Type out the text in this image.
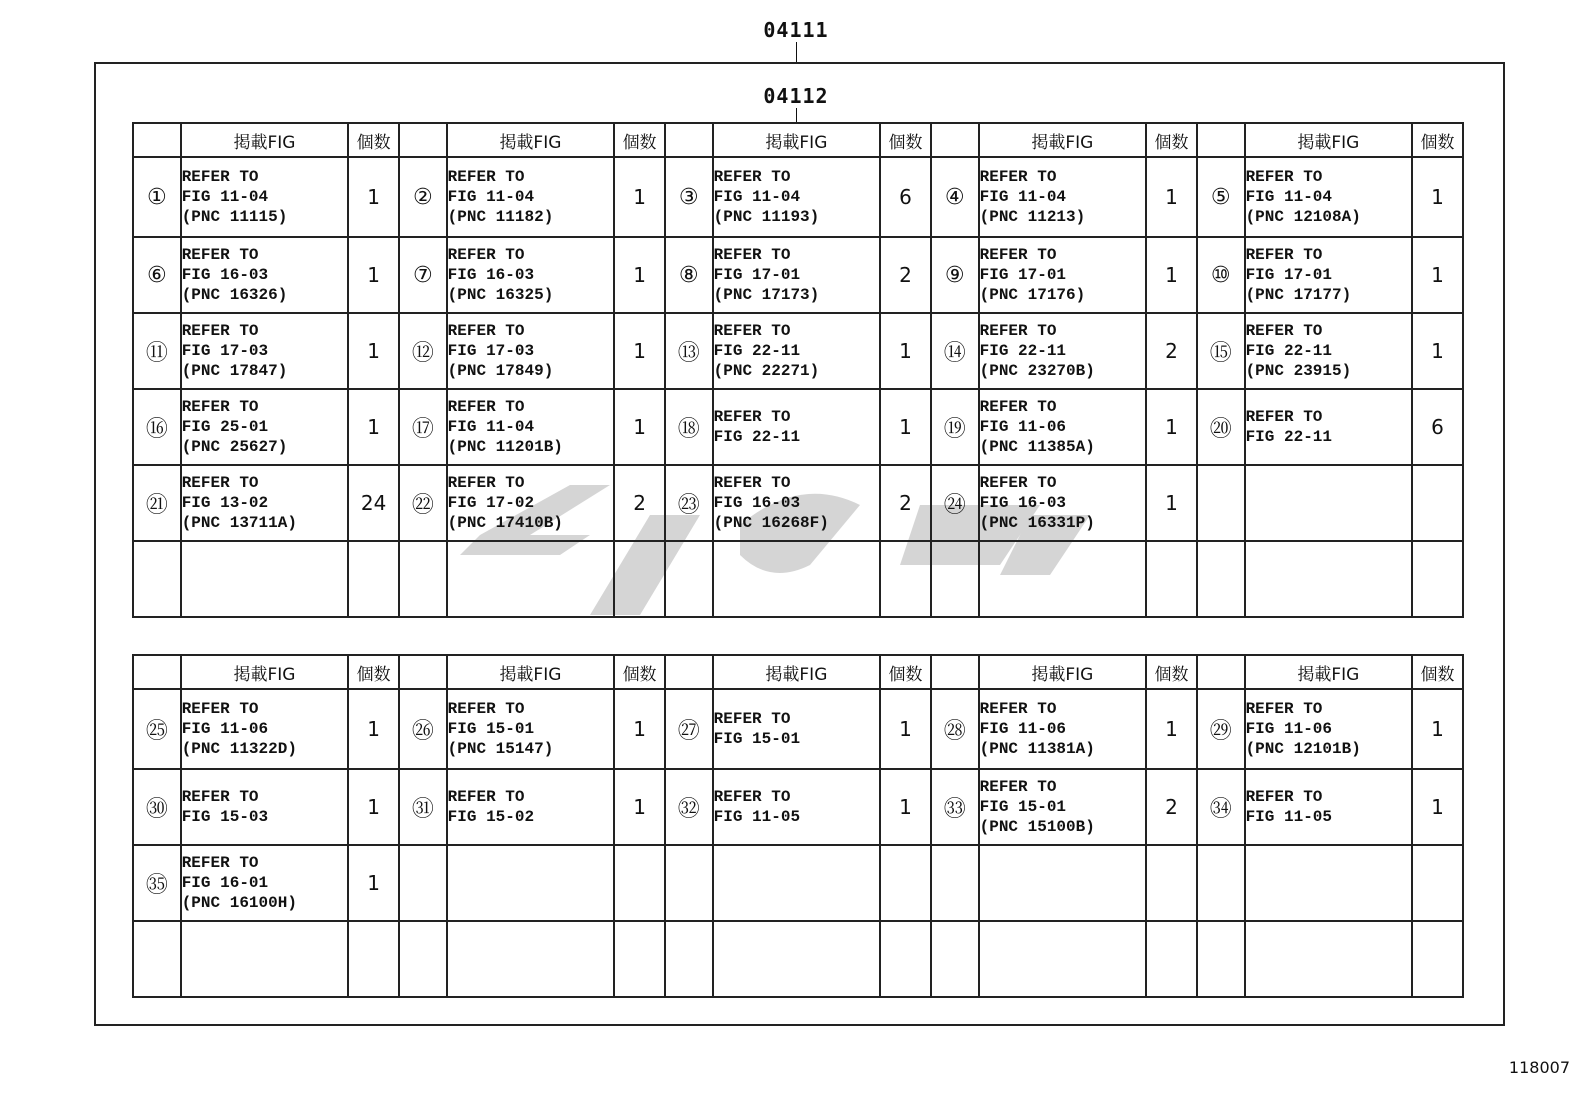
04111
04112
	掲載FIG	個数		掲載FIG	個数		掲載FIG	個数		掲載FIG	個数		掲載FIG	個数
①	REFER TO
FIG 11-04
(PNC 11115)	1	②	REFER TO
FIG 11-04
(PNC 11182)	1	③	REFER TO
FIG 11-04
(PNC 11193)	6	④	REFER TO
FIG 11-04
(PNC 11213)	1	⑤	REFER TO
FIG 11-04
(PNC 12108A)	1
⑥	REFER TO
FIG 16-03
(PNC 16326)	1	⑦	REFER TO
FIG 16-03
(PNC 16325)	1	⑧	REFER TO
FIG 17-01
(PNC 17173)	2	⑨	REFER TO
FIG 17-01
(PNC 17176)	1	⑩	REFER TO
FIG 17-01
(PNC 17177)	1
⑪	REFER TO
FIG 17-03
(PNC 17847)	1	⑫	REFER TO
FIG 17-03
(PNC 17849)	1	⑬	REFER TO
FIG 22-11
(PNC 22271)	1	⑭	REFER TO
FIG 22-11
(PNC 23270B)	2	⑮	REFER TO
FIG 22-11
(PNC 23915)	1
⑯	REFER TO
FIG 25-01
(PNC 25627)	1	⑰	REFER TO
FIG 11-04
(PNC 11201B)	1	⑱	REFER TO
FIG 22-11	1	⑲	REFER TO
FIG 11-06
(PNC 11385A)	1	⑳	REFER TO
FIG 22-11	6
㉑	REFER TO
FIG 13-02
(PNC 13711A)	24	㉒	REFER TO
FIG 17-02
(PNC 17410B)	2	㉓	REFER TO
FIG 16-03
(PNC 16268F)	2	㉔	REFER TO
FIG 16-03
(PNC 16331P)	1		

	掲載FIG	個数		掲載FIG	個数		掲載FIG	個数		掲載FIG	個数		掲載FIG	個数
㉕	REFER TO
FIG 11-06
(PNC 11322D)	1	㉖	REFER TO
FIG 15-01
(PNC 15147)	1	㉗	REFER TO
FIG 15-01	1	㉘	REFER TO
FIG 11-06
(PNC 11381A)	1	㉙	REFER TO
FIG 11-06
(PNC 12101B)	1
㉚	REFER TO
FIG 15-03	1	㉛	REFER TO
FIG 15-02	1	㉜	REFER TO
FIG 11-05	1	㉝	REFER TO
FIG 15-01
(PNC 15100B)	2	㉞	REFER TO
FIG 11-05	1
㉟	REFER TO
FIG 16-01
(PNC 16100H)	1		

118007
